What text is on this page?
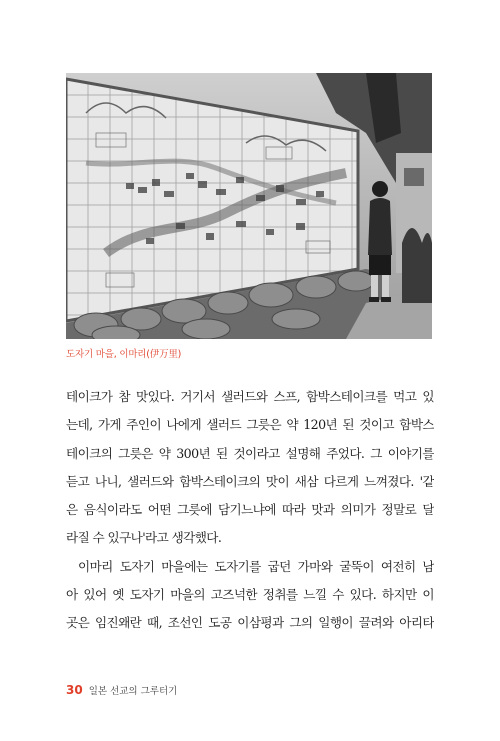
도자기 마을, 이마리(伊万里)
테이크가 참 맛있다. 거기서 샐러드와 스프, 함박스테이크를 먹고 있
는데, 가게 주인이 나에게 샐러드 그릇은 약 120년 된 것이고 함박스
테이크의 그릇은 약 300년 된 것이라고 설명해 주었다. 그 이야기를
듣고 나니, 샐러드와 함박스테이크의 맛이 새삼 다르게 느껴졌다. '같
은 음식이라도 어떤 그릇에 담기느냐에 따라 맛과 의미가 정말로 달
라질 수 있구나'라고 생각했다.
이마리 도자기 마을에는 도자기를 굽던 가마와 굴뚝이 여전히 남
아 있어 옛 도자기 마을의 고즈넉한 정취를 느낄 수 있다. 하지만 이
곳은 임진왜란 때, 조선인 도공 이삼평과 그의 일행이 끌려와 아리타
30 일본 선교의 그루터기
